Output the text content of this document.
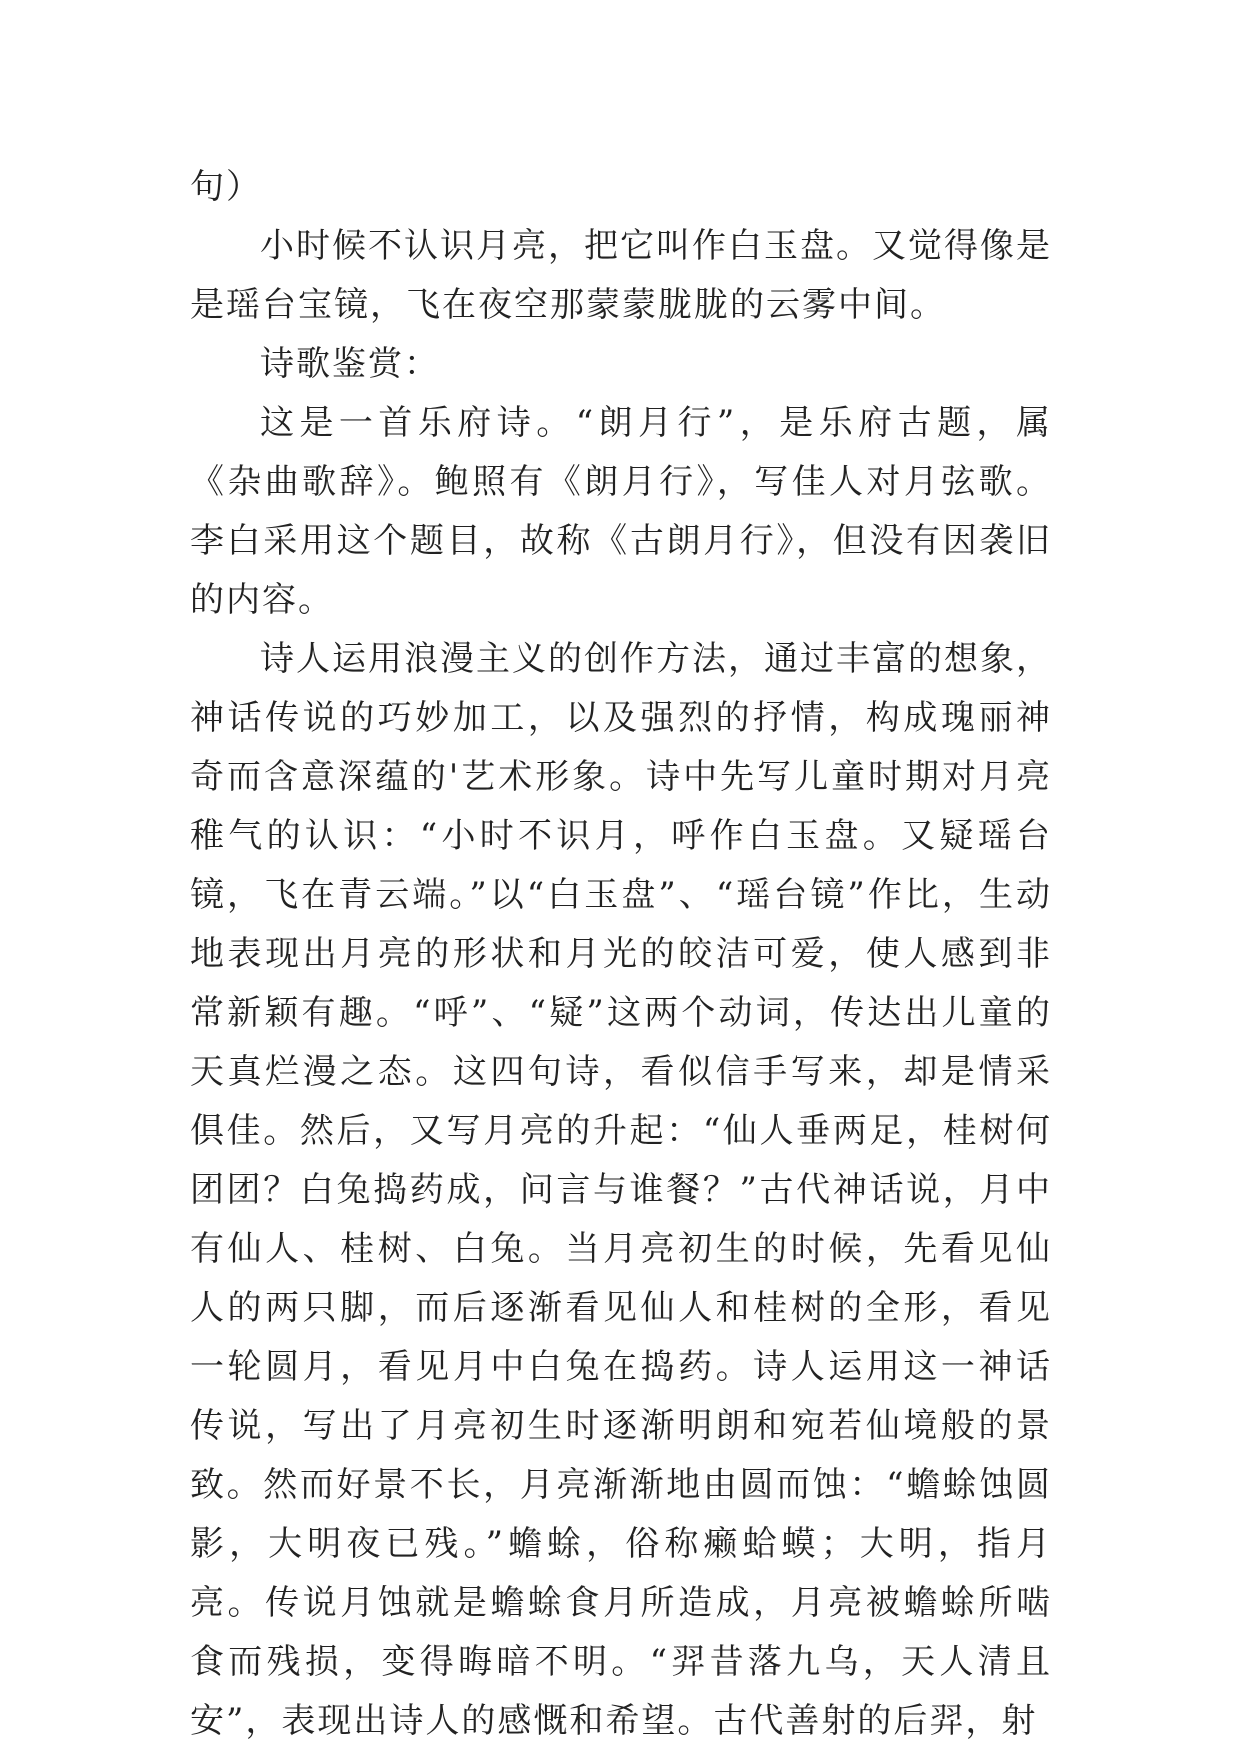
句）

小时候不认识月亮，把它叫作白玉盘。又觉得像是是瑶台宝镜，飞在夜空那蒙蒙胧胧的云雾中间。

诗歌鉴赏：

这是一首乐府诗。“朗月行”，是乐府古题，属《杂曲歌辞》。鲍照有《朗月行》，写佳人对月弦歌。李白采用这个题目，故称《古朗月行》，但没有因袭旧的内容。

诗人运用浪漫主义的创作方法，通过丰富的想象，神话传说的巧妙加工，以及强烈的抒情，构成瑰丽神奇而含意深蕴的'艺术形象。诗中先写儿童时期对月亮稚气的认识：“小时不识月，呼作白玉盘。又疑瑶台镜，飞在青云端。”以“白玉盘”、“瑶台镜”作比，生动地表现出月亮的形状和月光的皎洁可爱，使人感到非常新颖有趣。“呼”、“疑”这两个动词，传达出儿童的天真烂漫之态。这四句诗，看似信手写来，却是情采俱佳。然后，又写月亮的升起：“仙人垂两足，桂树何团团？白兔捣药成，问言与谁餐？”古代神话说，月中有仙人、桂树、白兔。当月亮初生的时候，先看见仙人的两只脚，而后逐渐看见仙人和桂树的全形，看见一轮圆月，看见月中白兔在捣药。诗人运用这一神话传说，写出了月亮初生时逐渐明朗和宛若仙境般的景致。然而好景不长，月亮渐渐地由圆而蚀：“蟾蜍蚀圆影，大明夜已残。”蟾蜍，俗称癞蛤蟆；大明，指月亮。传说月蚀就是蟾蜍食月所造成，月亮被蟾蜍所啮食而残损，变得晦暗不明。“羿昔落九乌，天人清且安”，表现出诗人的感慨和希望。古代善射的后羿，射
